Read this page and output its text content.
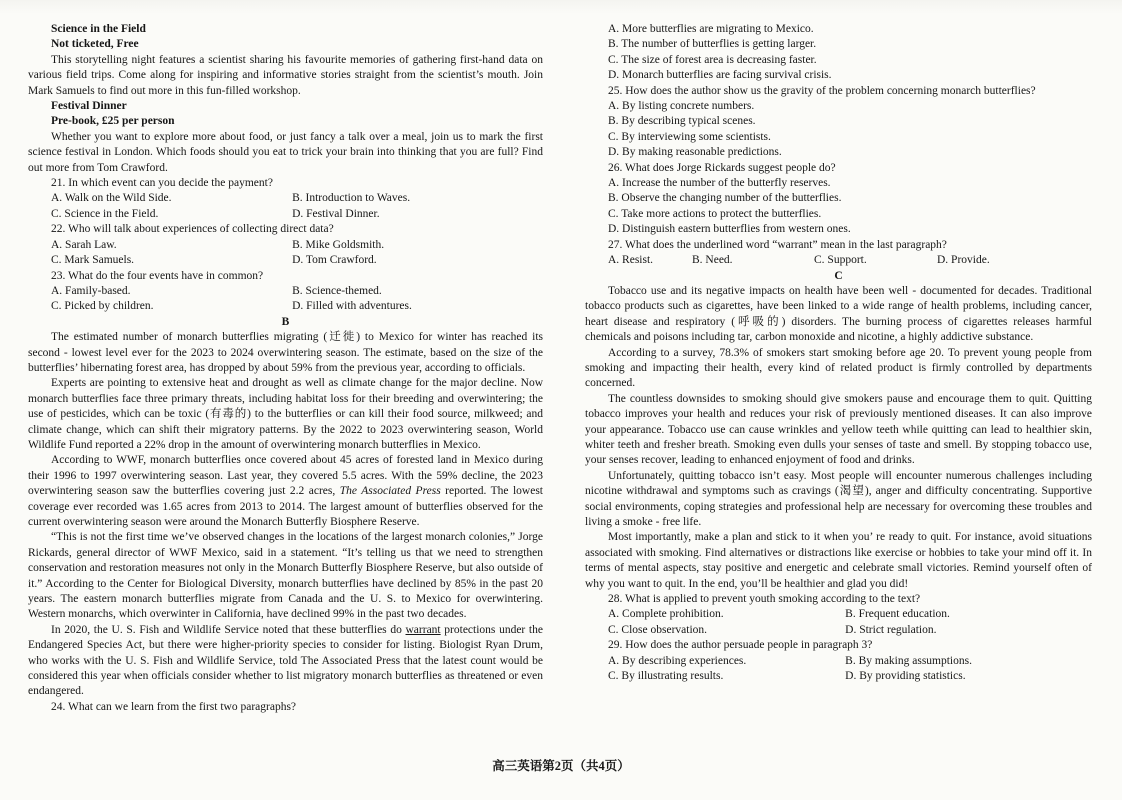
Science in the Field

Not ticketed, Free

This storytelling night features a scientist sharing his favourite memories of gathering first-hand data on various field trips. Come along for inspiring and informative stories straight from the scientist’s mouth. Join Mark Samuels to find out more in this fun-filled workshop.

Festival Dinner

Pre-book, £25 per person

Whether you want to explore more about food, or just fancy a talk over a meal, join us to mark the first science festival in London. Which foods should you eat to trick your brain into thinking that you are full? Find out more from Tom Crawford.

21. In which event can you decide the payment?

A. Walk on the Wild Side.	B. Introduction to Waves.
C. Science in the Field.	D. Festival Dinner.

22. Who will talk about experiences of collecting direct data?

A. Sarah Law.	B. Mike Goldsmith.
C. Mark Samuels.	D. Tom Crawford.

23. What do the four events have in common?

A. Family-based.	B. Science-themed.
C. Picked by children.	D. Filled with adventures.

B

The estimated number of monarch butterflies migrating (迁徙) to Mexico for winter has reached its second - lowest level ever for the 2023 to 2024 overwintering season. The estimate, based on the size of the butterflies’ hibernating forest area, has dropped by about 59% from the previous year, according to officials.

Experts are pointing to extensive heat and drought as well as climate change for the major decline. Now monarch butterflies face three primary threats, including habitat loss for their breeding and overwintering; the use of pesticides, which can be toxic (有毒的) to the butterflies or can kill their food source, milkweed; and climate change, which can shift their migratory patterns. By the 2022 to 2023 overwintering season, World Wildlife Fund reported a 22% drop in the amount of overwintering monarch butterflies in Mexico.

According to WWF, monarch butterflies once covered about 45 acres of forested land in Mexico during their 1996 to 1997 overwintering season. Last year, they covered 5.5 acres. With the 59% decline, the 2023 overwintering season saw the butterflies covering just 2.2 acres, The Associated Press reported. The lowest coverage ever recorded was 1.65 acres from 2013 to 2014. The largest amount of butterflies observed for the current overwintering season were around the Monarch Butterfly Biosphere Reserve.

“This is not the first time we’ve observed changes in the locations of the largest monarch colonies,” Jorge Rickards, general director of WWF Mexico, said in a statement. “It’s telling us that we need to strengthen conservation and restoration measures not only in the Monarch Butterfly Biosphere Reserve, but also outside of it.” According to the Center for Biological Diversity, monarch butterflies have declined by 85% in the past 20 years. The eastern monarch butterflies migrate from Canada and the U. S. to Mexico for overwintering. Western monarchs, which overwinter in California, have declined 99% in the past two decades.

In 2020, the U. S. Fish and Wildlife Service noted that these butterflies do warrant protections under the Endangered Species Act, but there were higher-priority species to consider for listing. Biologist Ryan Drum, who works with the U. S. Fish and Wildlife Service, told The Associated Press that the latest count would be considered this year when officials consider whether to list migratory monarch butterflies as threatened or even endangered.

24. What can we learn from the first two paragraphs?

A. More butterflies are migrating to Mexico.

B. The number of butterflies is getting larger.

C. The size of forest area is decreasing faster.

D. Monarch butterflies are facing survival crisis.

25. How does the author show us the gravity of the problem concerning monarch butterflies?

A. By listing concrete numbers.

B. By describing typical scenes.

C. By interviewing some scientists.

D. By making reasonable predictions.

26. What does Jorge Rickards suggest people do?

A. Increase the number of the butterfly reserves.

B. Observe the changing number of the butterflies.

C. Take more actions to protect the butterflies.

D. Distinguish eastern butterflies from western ones.

27. What does the underlined word “warrant” mean in the last paragraph?

A. Resist.	B. Need.	C. Support.	D. Provide.

C

Tobacco use and its negative impacts on health have been well - documented for decades. Traditional tobacco products such as cigarettes, have been linked to a wide range of health problems, including cancer, heart disease and respiratory (呼吸的) disorders. The burning process of cigarettes releases harmful chemicals and poisons including tar, carbon monoxide and nicotine, a highly addictive substance.

According to a survey, 78.3% of smokers start smoking before age 20. To prevent young people from smoking and impacting their health, every kind of related product is firmly controlled by departments concerned.

The countless downsides to smoking should give smokers pause and encourage them to quit. Quitting tobacco improves your health and reduces your risk of previously mentioned diseases. It can also improve your appearance. Tobacco use can cause wrinkles and yellow teeth while quitting can lead to healthier skin, whiter teeth and fresher breath. Smoking even dulls your senses of taste and smell. By stopping tobacco use, your senses recover, leading to enhanced enjoyment of food and drinks.

Unfortunately, quitting tobacco isn’t easy. Most people will encounter numerous challenges including nicotine withdrawal and symptoms such as cravings (渴望), anger and difficulty concentrating. Supportive social environments, coping strategies and professional help are necessary for overcoming these troubles and living a smoke - free life.

Most importantly, make a plan and stick to it when you’ re ready to quit. For instance, avoid situations associated with smoking. Find alternatives or distractions like exercise or hobbies to take your mind off it. In terms of mental aspects, stay positive and energetic and celebrate small victories. Remind yourself often of why you want to quit. In the end, you’ll be healthier and glad you did!

28. What is applied to prevent youth smoking according to the text?

A. Complete prohibition.	B. Frequent education.
C. Close observation.	D. Strict regulation.

29. How does the author persuade people in paragraph 3?

A. By describing experiences.	B. By making assumptions.
C. By illustrating results.	D. By providing statistics.
高三英语第2页（共4页）
